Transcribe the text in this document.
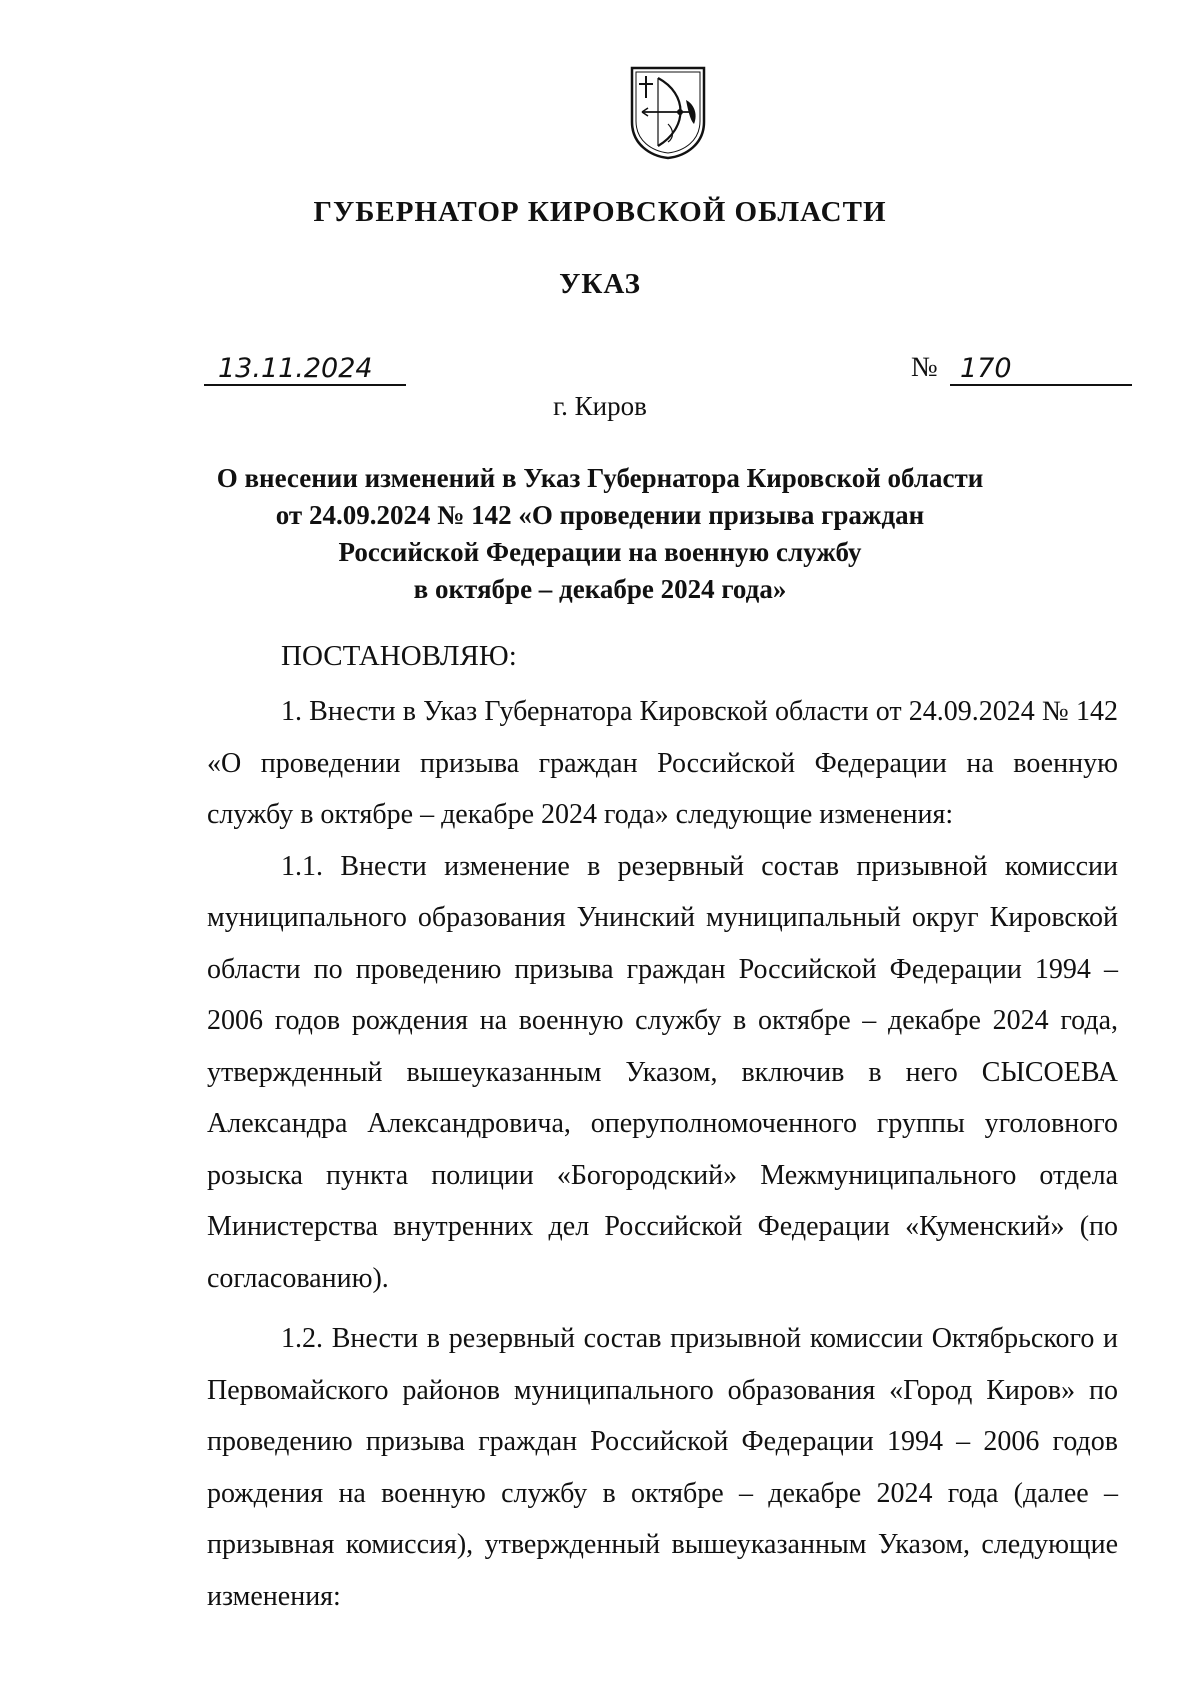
ГУБЕРНАТОР КИРОВСКОЙ ОБЛАСТИ
УКАЗ
13.11.2024	№ 170
г. Киров
О внесении изменений в Указ Губернатора Кировской области
от 24.09.2024 № 142 «О проведении призыва граждан
Российской Федерации на военную службу
в октябре – декабре 2024 года»
ПОСТАНОВЛЯЮ:

1. Внести в Указ Губернатора Кировской области от 24.09.2024 № 142 «О проведении призыва граждан Российской Федерации на военную службу в октябре – декабре 2024 года» следующие изменения:

1.1. Внести изменение в резервный состав призывной комиссии муниципального образования Унинский муниципальный округ Кировской области по проведению призыва граждан Российской Федерации 1994 – 2006 годов рождения на военную службу в октябре – декабре 2024 года, утвержденный вышеуказанным Указом, включив в него СЫСОЕВА Александра Александровича, оперуполномоченного группы уголовного розыска пункта полиции «Богородский» Межмуниципального отдела Министерства внутренних дел Российской Федерации «Куменский» (по согласованию).

1.2. Внести в резервный состав призывной комиссии Октябрьского и Первомайского районов муниципального образования «Город Киров» по проведению призыва граждан Российской Федерации 1994 – 2006 годов рождения на военную службу в октябре – декабре 2024 года (далее – призывная комиссия), утвержденный вышеуказанным Указом, следующие изменения:
